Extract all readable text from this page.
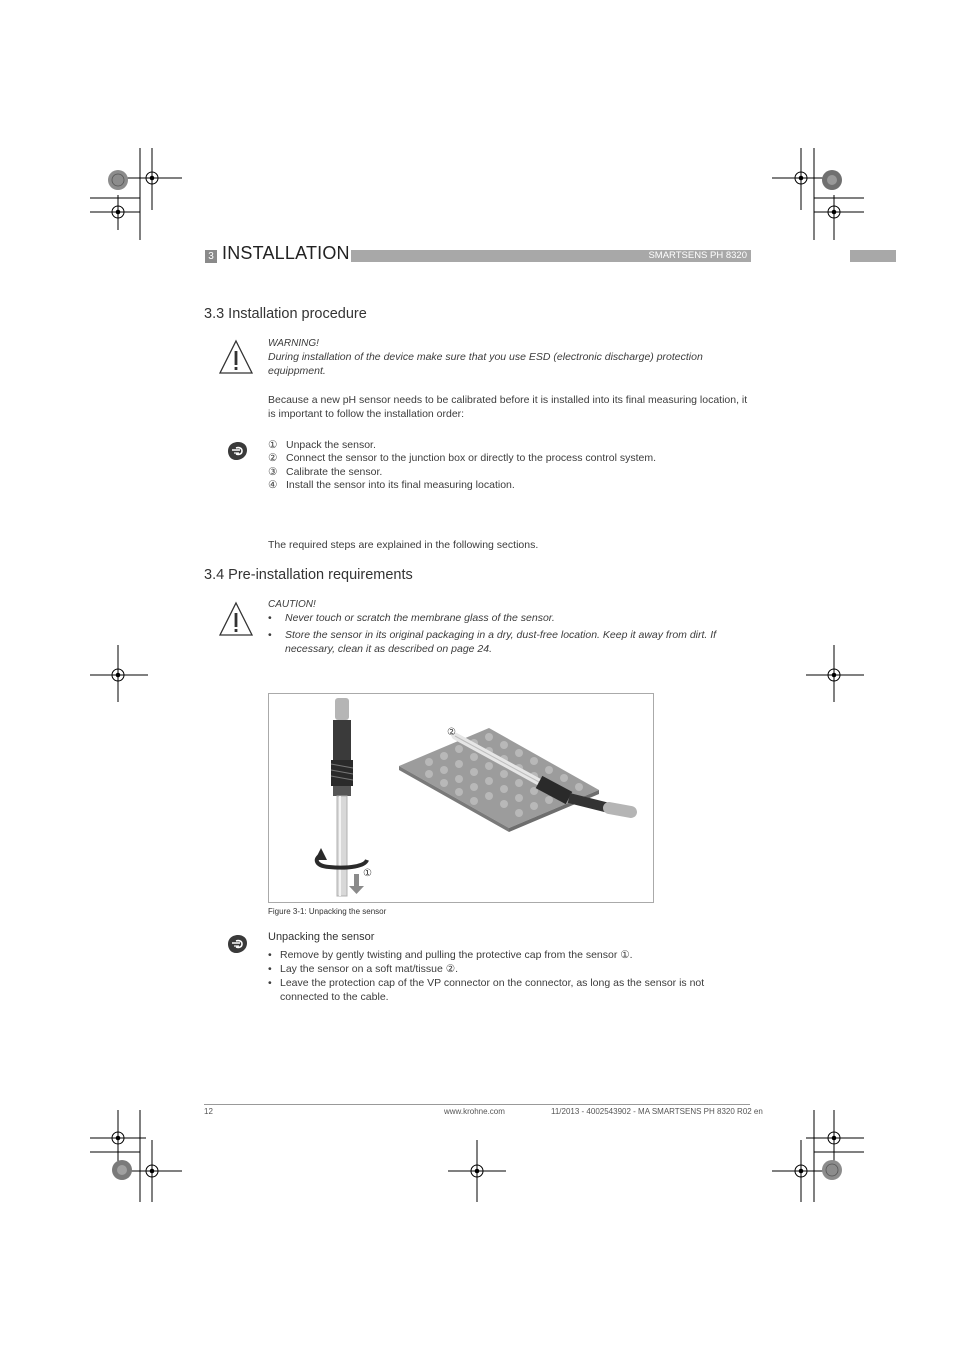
3 INSTALLATION	SMARTSENS PH 8320
3.3 Installation procedure
WARNING!
During installation of the device make sure that you use ESD (electronic discharge) protection equippment.
Because a new pH sensor needs to be calibrated before it is installed into its final measuring location, it is important to follow the installation order:
① Unpack the sensor.
② Connect the sensor to the junction box or directly to the process control system.
③ Calibrate the sensor.
④ Install the sensor into its final measuring location.
The required steps are explained in the following sections.
3.4 Pre-installation requirements
CAUTION!
•	Never touch or scratch the membrane glass of the sensor.
•	Store the sensor in its original packaging in a dry, dust-free location. Keep it away from dirt. If necessary, clean it as described on page 24.
②
①
Figure 3-1: Unpacking the sensor
Unpacking the sensor
• Remove by gently twisting and pulling the protective cap from the sensor ①.
• Lay the sensor on a soft mat/tissue ②.
• Leave the protection cap of the VP connector on the connector, as long as the sensor is not connected to the cable.
12	www.krohne.com	11/2013 - 4002543902 - MA SMARTSENS PH 8320 R02 en
